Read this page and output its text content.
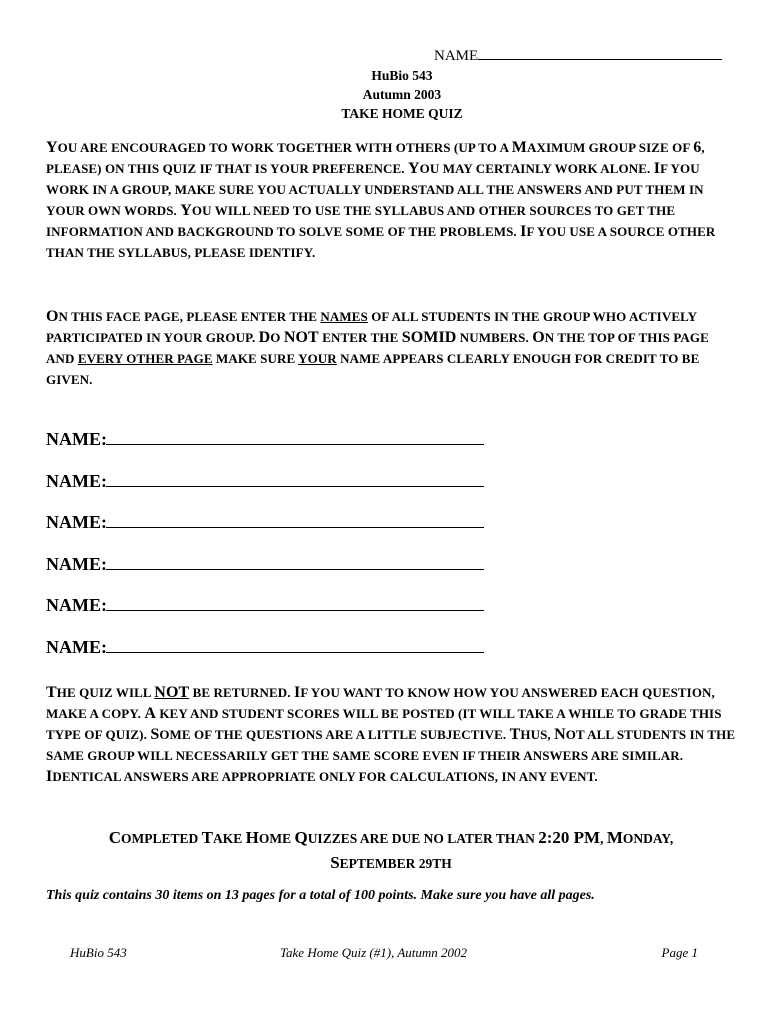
NAME
HuBio 543
Autumn 2003
TAKE HOME QUIZ
YOU ARE ENCOURAGED TO WORK TOGETHER WITH OTHERS (UP TO A MAXIMUM GROUP SIZE OF 6, PLEASE) ON THIS QUIZ IF THAT IS YOUR PREFERENCE. YOU MAY CERTAINLY WORK ALONE. IF YOU WORK IN A GROUP, MAKE SURE YOU ACTUALLY UNDERSTAND ALL THE ANSWERS AND PUT THEM IN YOUR OWN WORDS. YOU WILL NEED TO USE THE SYLLABUS AND OTHER SOURCES TO GET THE INFORMATION AND BACKGROUND TO SOLVE SOME OF THE PROBLEMS. IF YOU USE A SOURCE OTHER THAN THE SYLLABUS, PLEASE IDENTIFY.
ON THIS FACE PAGE, PLEASE ENTER THE NAMES OF ALL STUDENTS IN THE GROUP WHO ACTIVELY PARTICIPATED IN YOUR GROUP. DO NOT ENTER THE SOMID NUMBERS. ON THE TOP OF THIS PAGE AND EVERY OTHER PAGE MAKE SURE YOUR NAME APPEARS CLEARLY ENOUGH FOR CREDIT TO BE GIVEN.
NAME:
NAME:
NAME:
NAME:
NAME:
NAME:
THE QUIZ WILL NOT BE RETURNED. IF YOU WANT TO KNOW HOW YOU ANSWERED EACH QUESTION, MAKE A COPY. A KEY AND STUDENT SCORES WILL BE POSTED (IT WILL TAKE A WHILE TO GRADE THIS TYPE OF QUIZ). SOME OF THE QUESTIONS ARE A LITTLE SUBJECTIVE. THUS, NOT ALL STUDENTS IN THE SAME GROUP WILL NECESSARILY GET THE SAME SCORE EVEN IF THEIR ANSWERS ARE SIMILAR. IDENTICAL ANSWERS ARE APPROPRIATE ONLY FOR CALCULATIONS, IN ANY EVENT.
COMPLETED TAKE HOME QUIZZES ARE DUE NO LATER THAN 2:20 PM, MONDAY,
SEPTEMBER 29TH
This quiz contains 30 items on 13 pages for a total of 100 points. Make sure you have all pages.
HuBio 543	Take Home Quiz (#1), Autumn 2002	Page 1
